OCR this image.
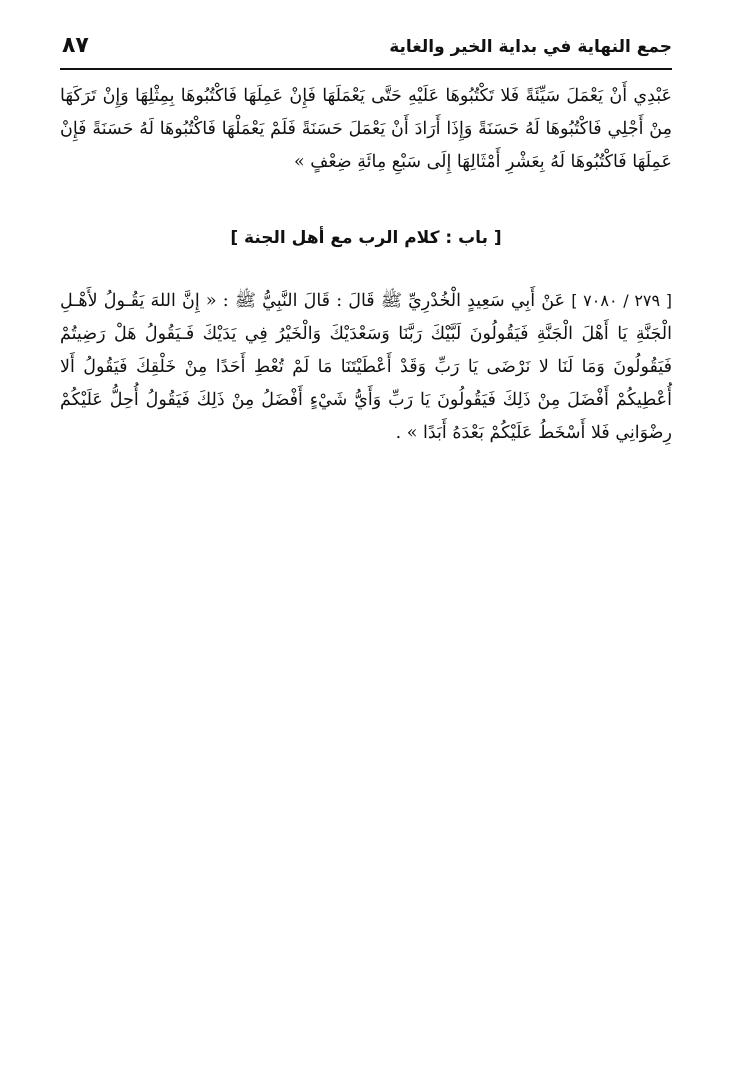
٨٧	جمع النهاية في بداية الخير والغاية
عَبْدِي أَنْ يَعْمَلَ سَيِّئَةً فَلا تَكْتُبُوهَا عَلَيْهِ حَتَّى يَعْمَلَهَا فَإِنْ عَمِلَهَا فَاكْتُبُوهَا بِمِثْلِهَا وَإِنْ تَرَكَهَا مِنْ أَجْلِي فَاكْتُبُوهَا لَهُ حَسَنَةً وَإِذَا أَرَادَ أَنْ يَعْمَلَ حَسَنَةً فَلَمْ يَعْمَلْهَا فَاكْتُبُوهَا لَهُ حَسَنَةً فَإِنْ عَمِلَهَا فَاكْتُبُوهَا لَهُ بِعَشْرِ أَمْثَالِهَا إِلَى سَبْعِ مِائَةِ ضِعْفٍ »
[ باب : كلام الرب مع أهل الجنة ]
[ ٢٧٩ / ٧٠٨٠ ] عَنْ أَبِي سَعِيدٍ الْخُدْرِيِّ ﷺ قَالَ : قَالَ النَّبِيُّ ﷺ : « إِنَّ اللهَ يَقُـولُ لأَهْـلِ الْجَنَّةِ يَا أَهْلَ الْجَنَّةِ فَيَقُولُونَ لَبَّيْكَ رَبَّنَا وَسَعْدَيْكَ وَالْخَيْرُ فِي يَدَيْكَ فَـيَقُولُ هَلْ رَضِيتُمْ فَيَقُولُونَ وَمَا لَنَا لا نَرْضَى يَا رَبِّ وَقَدْ أَعْطَيْتَنَا مَا لَمْ تُعْطِ أَحَدًا مِنْ خَلْقِكَ فَيَقُولُ أَلا أُعْطِيكُمْ أَفْضَلَ مِنْ ذَلِكَ فَيَقُولُونَ يَا رَبِّ وَأَيُّ شَيْءٍ أَفْضَلُ مِنْ ذَلِكَ فَيَقُولُ أُحِلُّ عَلَيْكُمْ رِضْوَانِي فَلا أَسْخَطُ عَلَيْكُمْ بَعْدَهُ أَبَدًا » .
